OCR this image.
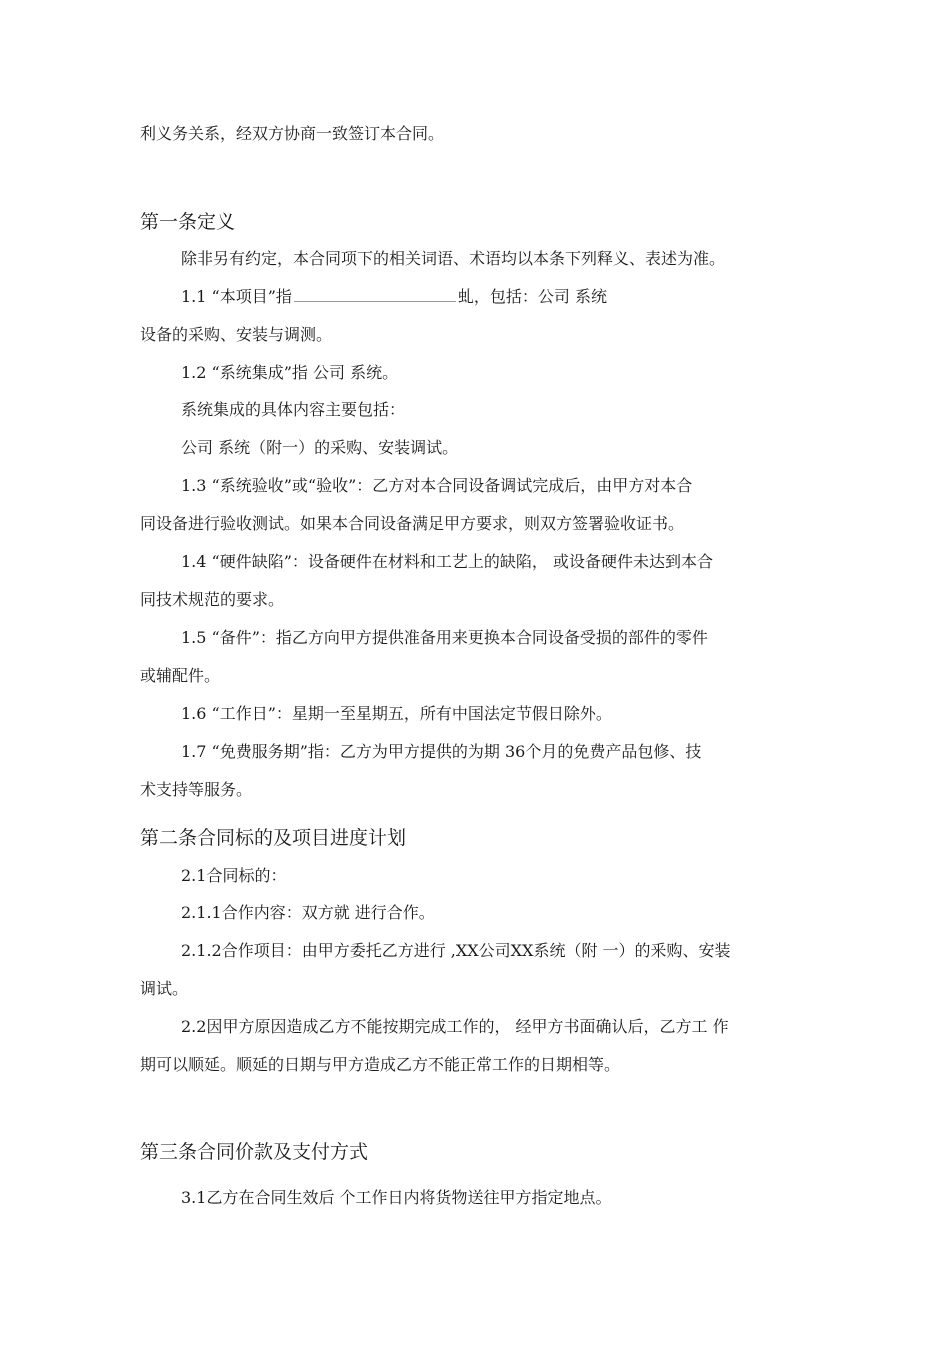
利义务关系，经双方协商一致签订本合同。
第一条定义
除非另有约定，本合同项下的相关词语、术语均以本条下列释义、表述为准。
1.1 “本项目”指	虬，包括：公司 系统
设备的采购、安装与调测。
1.2 “系统集成”指 公司 系统。
系统集成的具体内容主要包括：
公司 系统（附一）的采购、安装调试。
1.3 “系统验收”或“验收”：乙方对本合同设备调试完成后，由甲方对本合
同设备进行验收测试。如果本合同设备满足甲方要求，则双方签署验收证书。
1.4 “硬件缺陷”：设备硬件在材料和工艺上的缺陷， 或设备硬件未达到本合
同技术规范的要求。
1.5 “备件”：指乙方向甲方提供准备用来更换本合同设备受损的部件的零件
或辅配件。
1.6 “工作日”：星期一至星期五，所有中国法定节假日除外。
1.7 “免费服务期”指：乙方为甲方提供的为期 36个月的免费产品包修、技
术支持等服务。
第二条合同标的及项目进度计划
2.1合同标的：
2.1.1合作内容：双方就 进行合作。
2.1.2合作项目：由甲方委托乙方进行 ,XX公司XX系统（附 一）的釆购、安装
调试。
2.2因甲方原因造成乙方不能按期完成工作的， 经甲方书面确认后，乙方工 作
期可以顺延。顺延的日期与甲方造成乙方不能正常工作的日期相等。
第三条合同价款及支付方式
3.1乙方在合同生效后 个工作日内将货物送往甲方指定地点。
